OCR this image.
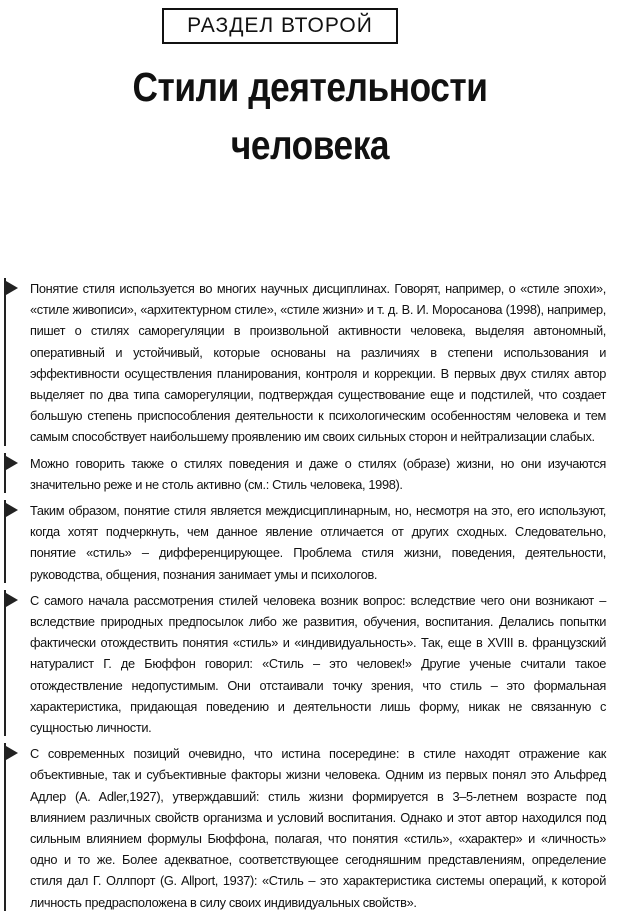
РАЗДЕЛ ВТОРОЙ
Стили деятельности
человека

Понятие стиля используется во многих научных дисциплинах. Говорят, например, о «стиле эпохи», «стиле живописи», «архитектурном стиле», «стиле жизни» и т. д. В. И. Моросанова (1998), например, пишет о стилях саморегуляции в произвольной активности человека, выделяя автономный, оперативный и устойчивый, которые основаны на различиях в степени использования и эффективности осуществления планирования, контроля и коррекции. В первых двух стилях автор выделяет по два типа саморегуляции, подтверждая существование еще и подстилей, что создает большую степень приспособления деятельности к психологическим особенностям человека и тем самым способствует наибольшему проявлению им своих сильных сторон и нейтрализации слабых.

Можно говорить также о стилях поведения и даже о стилях (образе) жизни, но они изучаются значительно реже и не столь активно (см.: Стиль человека, 1998).

Таким образом, понятие стиля является междисциплинарным, но, несмотря на это, его используют, когда хотят подчеркнуть, чем данное явление отличается от других сходных. Следовательно, понятие «стиль» – дифференцирующее. Проблема стиля жизни, поведения, деятельности, руководства, общения, познания занимает умы и психологов.

С самого начала рассмотрения стилей человека возник вопрос: вследствие чего они возникают – вследствие природных предпосылок либо же развития, обучения, воспитания. Делались попытки фактически отождествить понятия «стиль» и «индивидуальность». Так, еще в XVIII в. французский натуралист Г. де Бюффон говорил: «Стиль – это человек!» Другие ученые считали такое отождествление недопустимым. Они отстаивали точку зрения, что стиль – это формальная характеристика, придающая поведению и деятельности лишь форму, никак не связанную с сущностью личности.

С современных позиций очевидно, что истина посередине: в стиле находят отражение как объективные, так и субъективные факторы жизни человека. Одним из первых понял это Альфред Адлер (A. Adler,1927), утверждавший: стиль жизни формируется в 3–5-летнем возрасте под влиянием различных свойств организма и условий воспитания. Однако и этот автор находился под сильным влиянием формулы Бюффона, полагая, что понятия «стиль», «характер» и «личность» одно и то же. Более адекватное, соответствующее сегодняшним представлениям, определение стиля дал Г. Оллпорт (G. Allport, 1937): «Стиль – это характеристика системы операций, к которой личность предрасположена в силу своих индивидуальных свойств».
